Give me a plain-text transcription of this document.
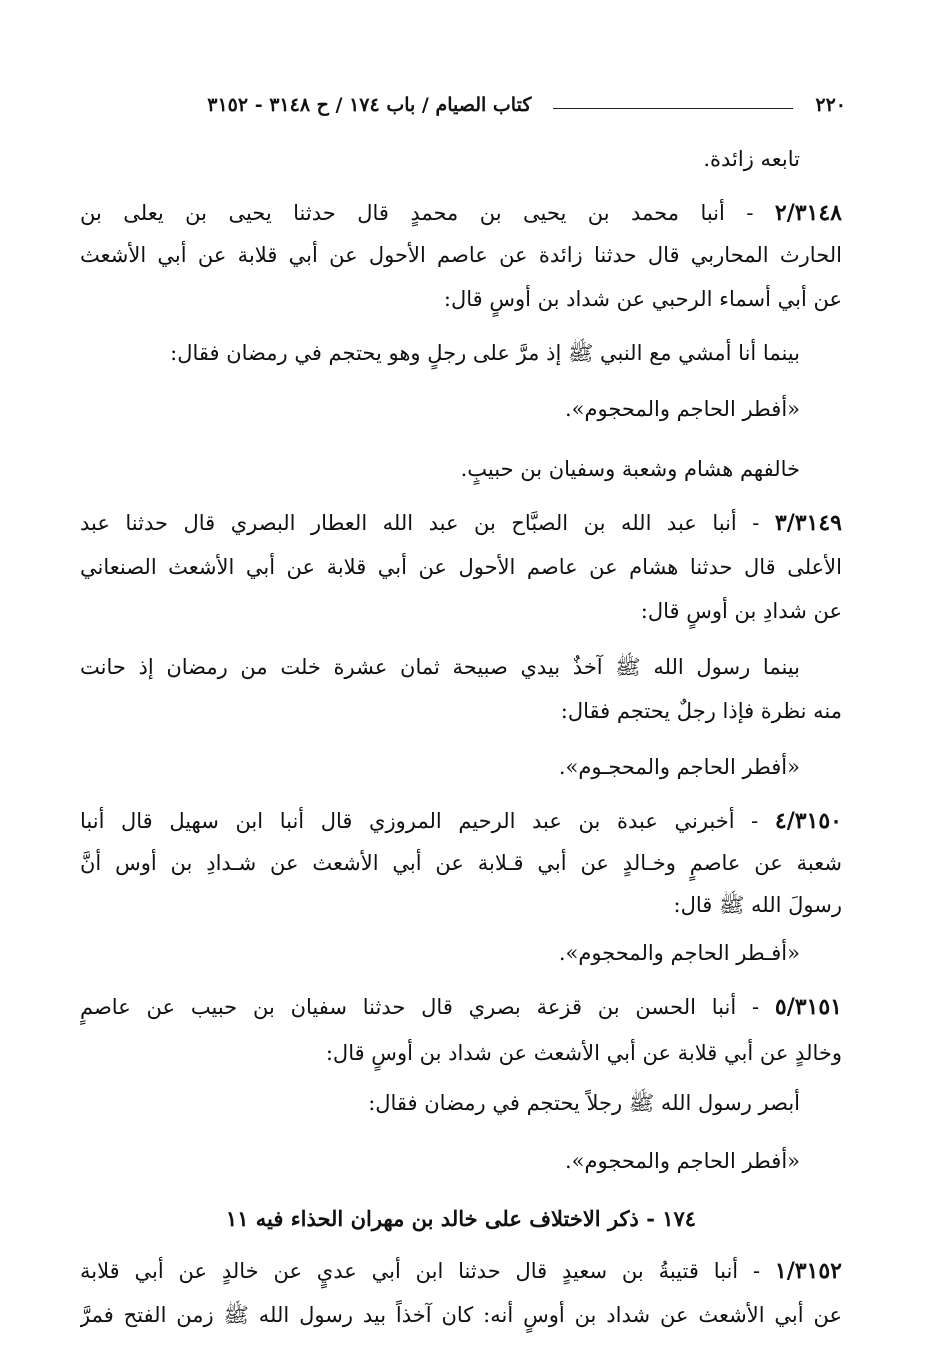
٢٢٠
كتاب الصيام / باب ١٧٤ / ح ٣١٤٨ - ٣١٥٢
تابعه زائدة.
٢/٣١٤٨ - أنبا محمد بن يحيى بن محمدٍ قال حدثنا يحيى بن يعلى بن
الحارث المحاربي قال حدثنا زائدة عن عاصم الأحول عن أبي قلابة عن أبي الأشعث
عن أبي أسماء الرحبي عن شداد بن أوسٍ قال:
بينما أنا أمشي مع النبي ﷺ إذ مرَّ على رجلٍ وهو يحتجم في رمضان فقال:
«أفطر الحاجم والمحجوم».
خالفهم هشام وشعبة وسفيان بن حبيبٍ.
٣/٣١٤٩ - أنبا عبد الله بن الصبَّاح بن عبد الله العطار البصري قال حدثنا عبد
الأعلى قال حدثنا هشام عن عاصم الأحول عن أبي قلابة عن أبي الأشعث الصنعاني
عن شدادِ بن أوسٍ قال:
بينما رسول الله ﷺ آخذٌ بيدي صبيحة ثمان عشرة خلت من رمضان إذ حانت
منه نظرة فإذا رجلٌ يحتجم فقال:
«أفطر الحاجم والمحجـوم».
٤/٣١٥٠ - أخبرني عبدة بن عبد الرحيم المروزي قال أنبا ابن سهيل قال أنبا
شعبة عن عاصمٍ وخـالدٍ عن أبي قـلابة عن أبي الأشعث عن شـدادِ بن أوس أنَّ
رسولَ الله ﷺ قال:
«أفـطر الحاجم والمحجوم».
٥/٣١٥١ - أنبا الحسن بن قزعة بصري قال حدثنا سفيان بن حبيب عن عاصمٍ
وخالدٍ عن أبي قلابة عن أبي الأشعث عن شداد بن أوسٍ قال:
أبصر رسول الله ﷺ رجلاً يحتجم في رمضان فقال:
«أفطر الحاجم والمحجوم».
١٧٤ - ذكر الاختلاف على خالد بن مهران الحذاء فيه ١١
١/٣١٥٢ - أنبا قتيبةُ بن سعيدٍ قال حدثنا ابن أبي عديٍ عن خالدٍ عن أبي قلابة
عن أبي الأشعث عن شداد بن أوسٍ أنه: كان آخذاً بيد رسول الله ﷺ زمن الفتح فمرَّ
